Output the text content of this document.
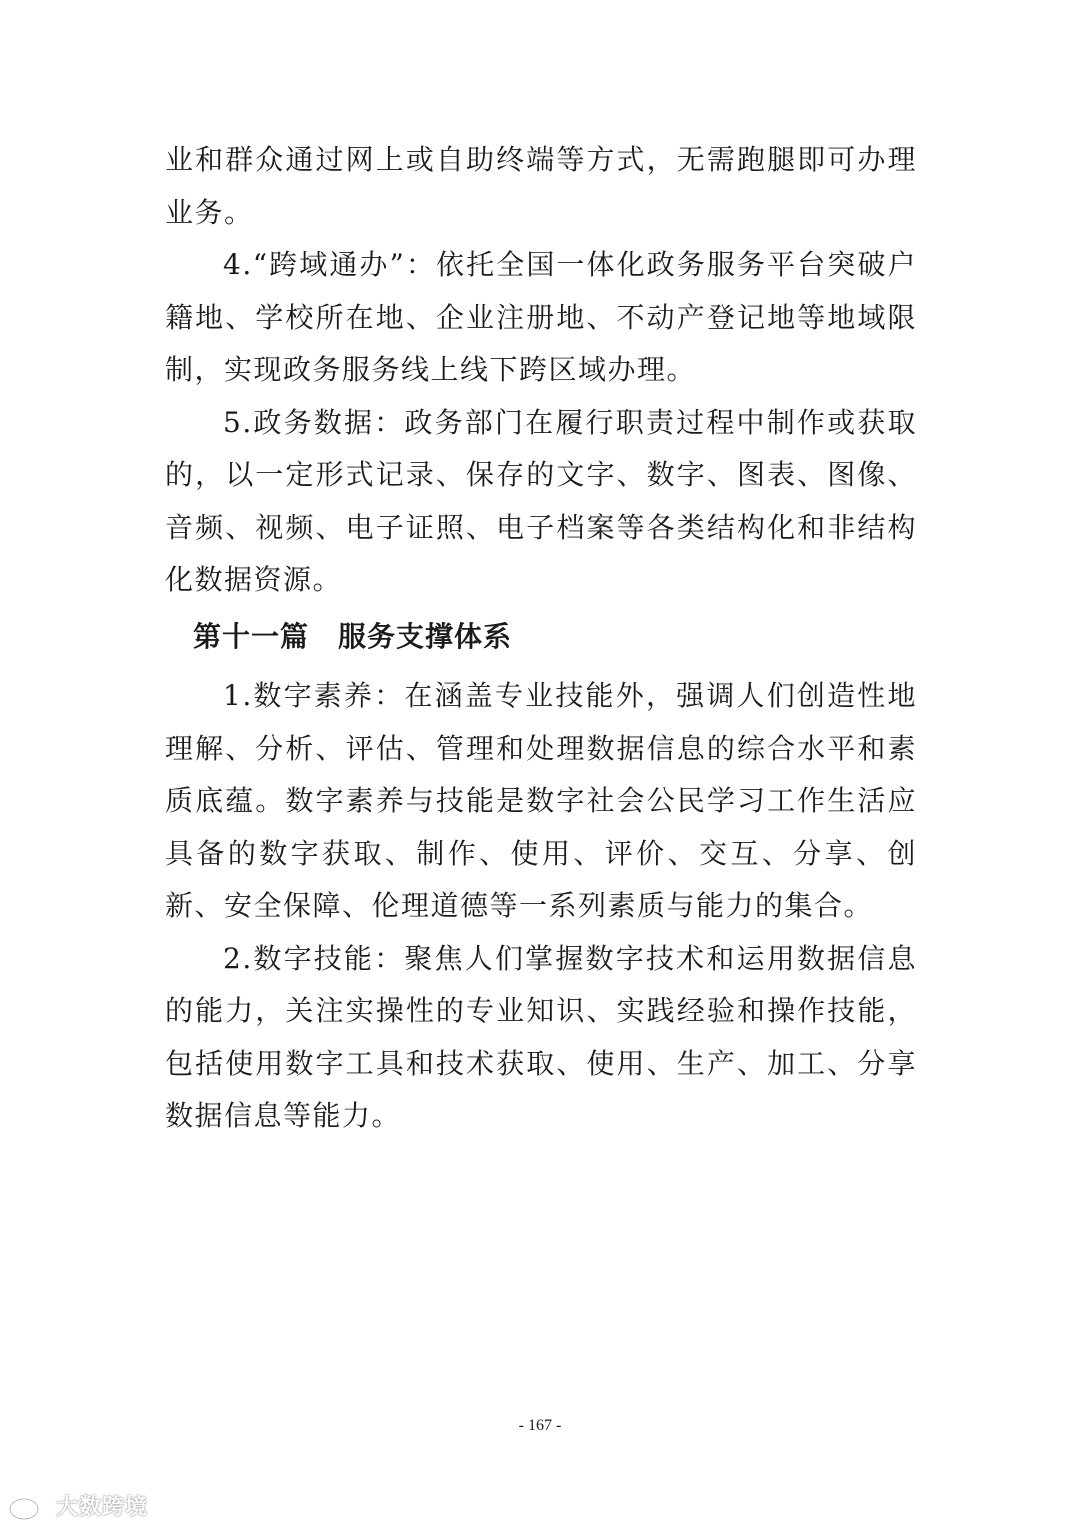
业和群众通过网上或自助终端等方式，无需跑腿即可办理业务。

4.“跨域通办”：依托全国一体化政务服务平台突破户籍地、学校所在地、企业注册地、不动产登记地等地域限制，实现政务服务线上线下跨区域办理。

5.政务数据：政务部门在履行职责过程中制作或获取的，以一定形式记录、保存的文字、数字、图表、图像、音频、视频、电子证照、电子档案等各类结构化和非结构化数据资源。

第十一篇　服务支撑体系

1.数字素养：在涵盖专业技能外，强调人们创造性地理解、分析、评估、管理和处理数据信息的综合水平和素质底蕴。数字素养与技能是数字社会公民学习工作生活应具备的数字获取、制作、使用、评价、交互、分享、创新、安全保障、伦理道德等一系列素质与能力的集合。

2.数字技能：聚焦人们掌握数字技术和运用数据信息的能力，关注实操性的专业知识、实践经验和操作技能，包括使用数字工具和技术获取、使用、生产、加工、分享数据信息等能力。

- 167 -
大数跨境
